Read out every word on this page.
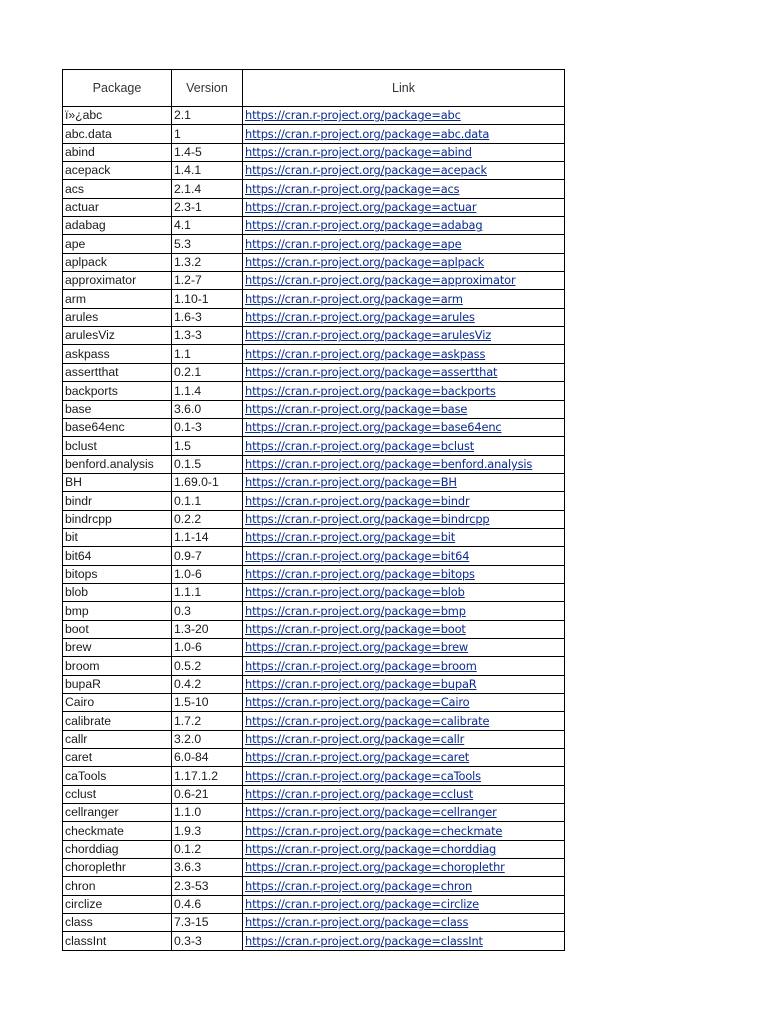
Package	Version	Link
ï»¿abc	2.1	https://cran.r-project.org/package=abc
abc.data	1	https://cran.r-project.org/package=abc.data
abind	1.4-5	https://cran.r-project.org/package=abind
acepack	1.4.1	https://cran.r-project.org/package=acepack
acs	2.1.4	https://cran.r-project.org/package=acs
actuar	2.3-1	https://cran.r-project.org/package=actuar
adabag	4.1	https://cran.r-project.org/package=adabag
ape	5.3	https://cran.r-project.org/package=ape
aplpack	1.3.2	https://cran.r-project.org/package=aplpack
approximator	1.2-7	https://cran.r-project.org/package=approximator
arm	1.10-1	https://cran.r-project.org/package=arm
arules	1.6-3	https://cran.r-project.org/package=arules
arulesViz	1.3-3	https://cran.r-project.org/package=arulesViz
askpass	1.1	https://cran.r-project.org/package=askpass
assertthat	0.2.1	https://cran.r-project.org/package=assertthat
backports	1.1.4	https://cran.r-project.org/package=backports
base	3.6.0	https://cran.r-project.org/package=base
base64enc	0.1-3	https://cran.r-project.org/package=base64enc
bclust	1.5	https://cran.r-project.org/package=bclust
benford.analysis	0.1.5	https://cran.r-project.org/package=benford.analysis
BH	1.69.0-1	https://cran.r-project.org/package=BH
bindr	0.1.1	https://cran.r-project.org/package=bindr
bindrcpp	0.2.2	https://cran.r-project.org/package=bindrcpp
bit	1.1-14	https://cran.r-project.org/package=bit
bit64	0.9-7	https://cran.r-project.org/package=bit64
bitops	1.0-6	https://cran.r-project.org/package=bitops
blob	1.1.1	https://cran.r-project.org/package=blob
bmp	0.3	https://cran.r-project.org/package=bmp
boot	1.3-20	https://cran.r-project.org/package=boot
brew	1.0-6	https://cran.r-project.org/package=brew
broom	0.5.2	https://cran.r-project.org/package=broom
bupaR	0.4.2	https://cran.r-project.org/package=bupaR
Cairo	1.5-10	https://cran.r-project.org/package=Cairo
calibrate	1.7.2	https://cran.r-project.org/package=calibrate
callr	3.2.0	https://cran.r-project.org/package=callr
caret	6.0-84	https://cran.r-project.org/package=caret
caTools	1.17.1.2	https://cran.r-project.org/package=caTools
cclust	0.6-21	https://cran.r-project.org/package=cclust
cellranger	1.1.0	https://cran.r-project.org/package=cellranger
checkmate	1.9.3	https://cran.r-project.org/package=checkmate
chorddiag	0.1.2	https://cran.r-project.org/package=chorddiag
choroplethr	3.6.3	https://cran.r-project.org/package=choroplethr
chron	2.3-53	https://cran.r-project.org/package=chron
circlize	0.4.6	https://cran.r-project.org/package=circlize
class	7.3-15	https://cran.r-project.org/package=class
classInt	0.3-3	https://cran.r-project.org/package=classInt
